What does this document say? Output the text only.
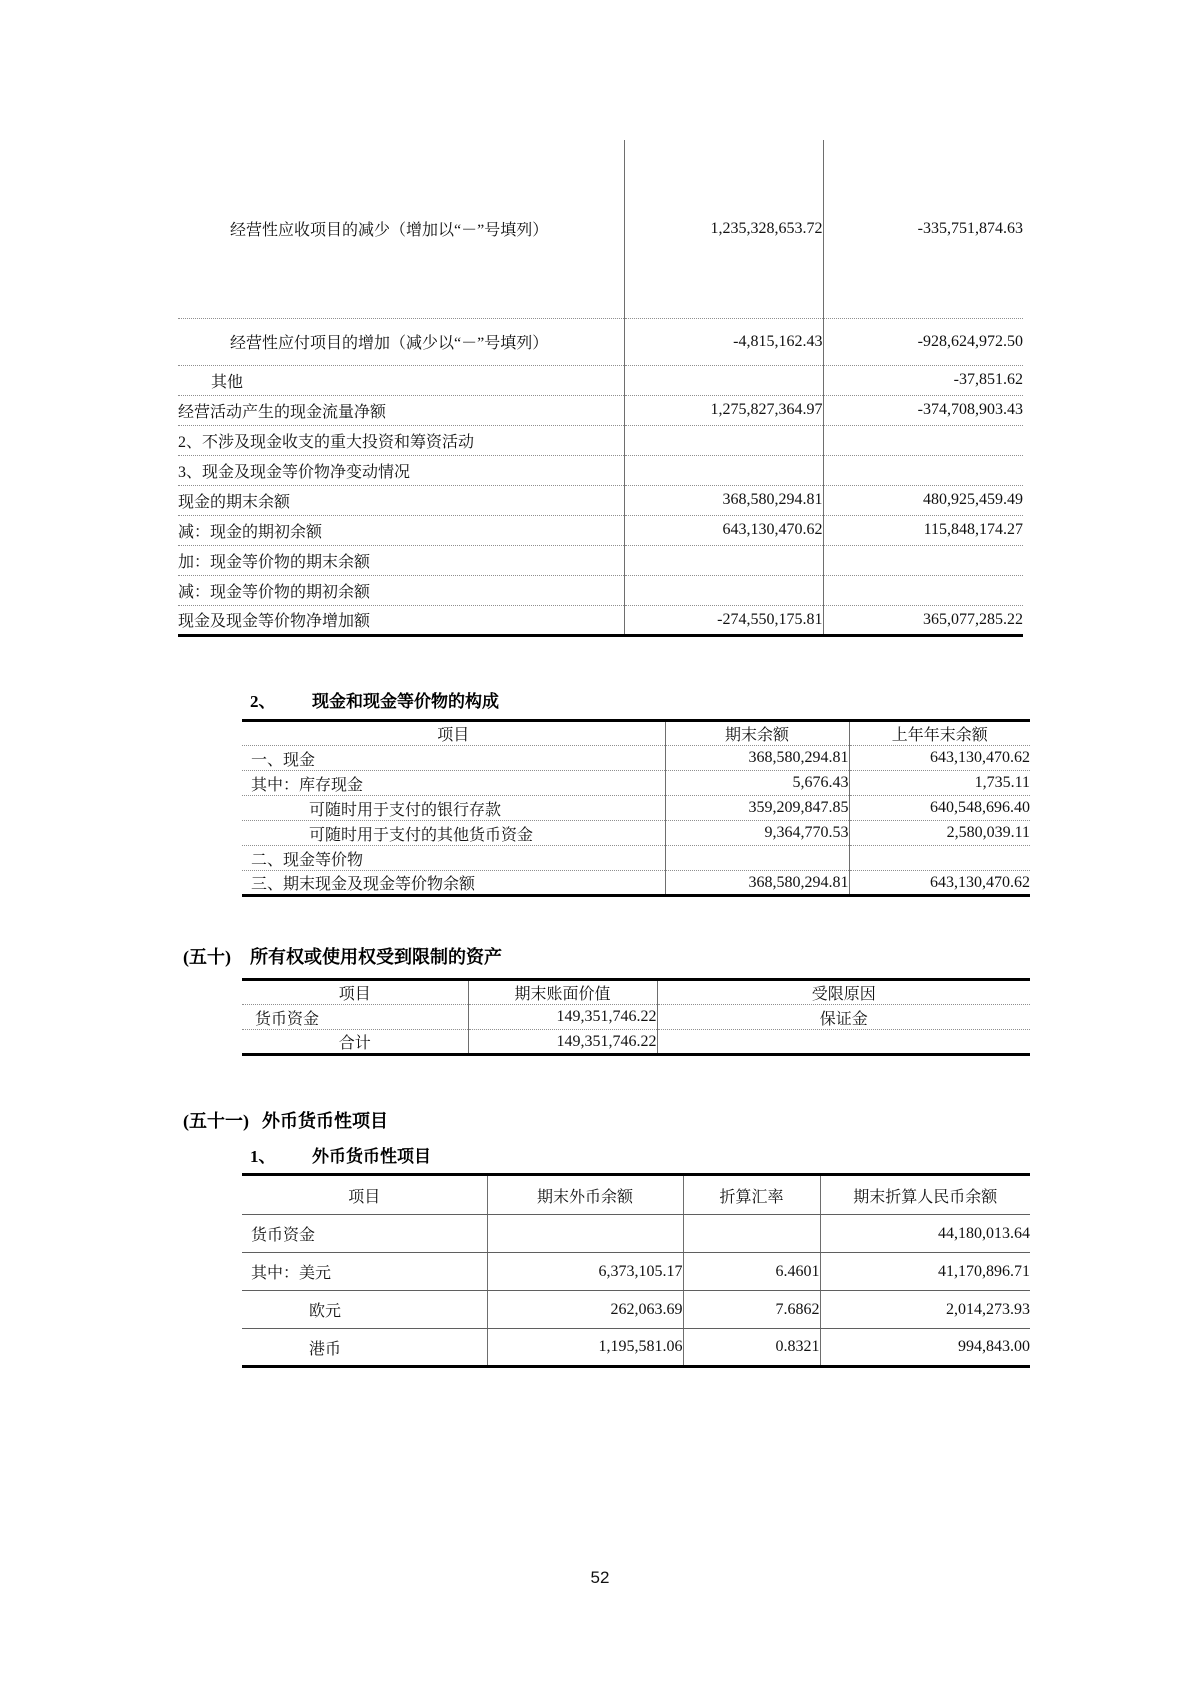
经营性应收项目的减少（增加以“－”号填列）	1,235,328,653.72	-335,751,874.63
经营性应付项目的增加（减少以“－”号填列）	-4,815,162.43	-928,624,972.50
其他		-37,851.62
经营活动产生的现金流量净额	1,275,827,364.97	-374,708,903.43
2、不涉及现金收支的重大投资和筹资活动		
3、现金及现金等价物净变动情况		
现金的期末余额	368,580,294.81	480,925,459.49
减：现金的期初余额	643,130,470.62	115,848,174.27
加：现金等价物的期末余额		
减：现金等价物的期初余额		
现金及现金等价物净增加额	-274,550,175.81	365,077,285.22
2、 现金和现金等价物的构成
项目	期末余额	上年年末余额
一、现金	368,580,294.81	643,130,470.62
其中：库存现金	5,676.43	1,735.11
可随时用于支付的银行存款	359,209,847.85	640,548,696.40
可随时用于支付的其他货币资金	9,364,770.53	2,580,039.11
二、现金等价物		
三、期末现金及现金等价物余额	368,580,294.81	643,130,470.62
(五十) 所有权或使用权受到限制的资产
项目	期末账面价值	受限原因
货币资金	149,351,746.22	保证金
合计	149,351,746.22	
(五十一) 外币货币性项目
1、 外币货币性项目
项目	期末外币余额	折算汇率	期末折算人民币余额
货币资金			44,180,013.64
其中：美元	6,373,105.17	6.4601	41,170,896.71
欧元	262,063.69	7.6862	2,014,273.93
港币	1,195,581.06	0.8321	994,843.00
52
